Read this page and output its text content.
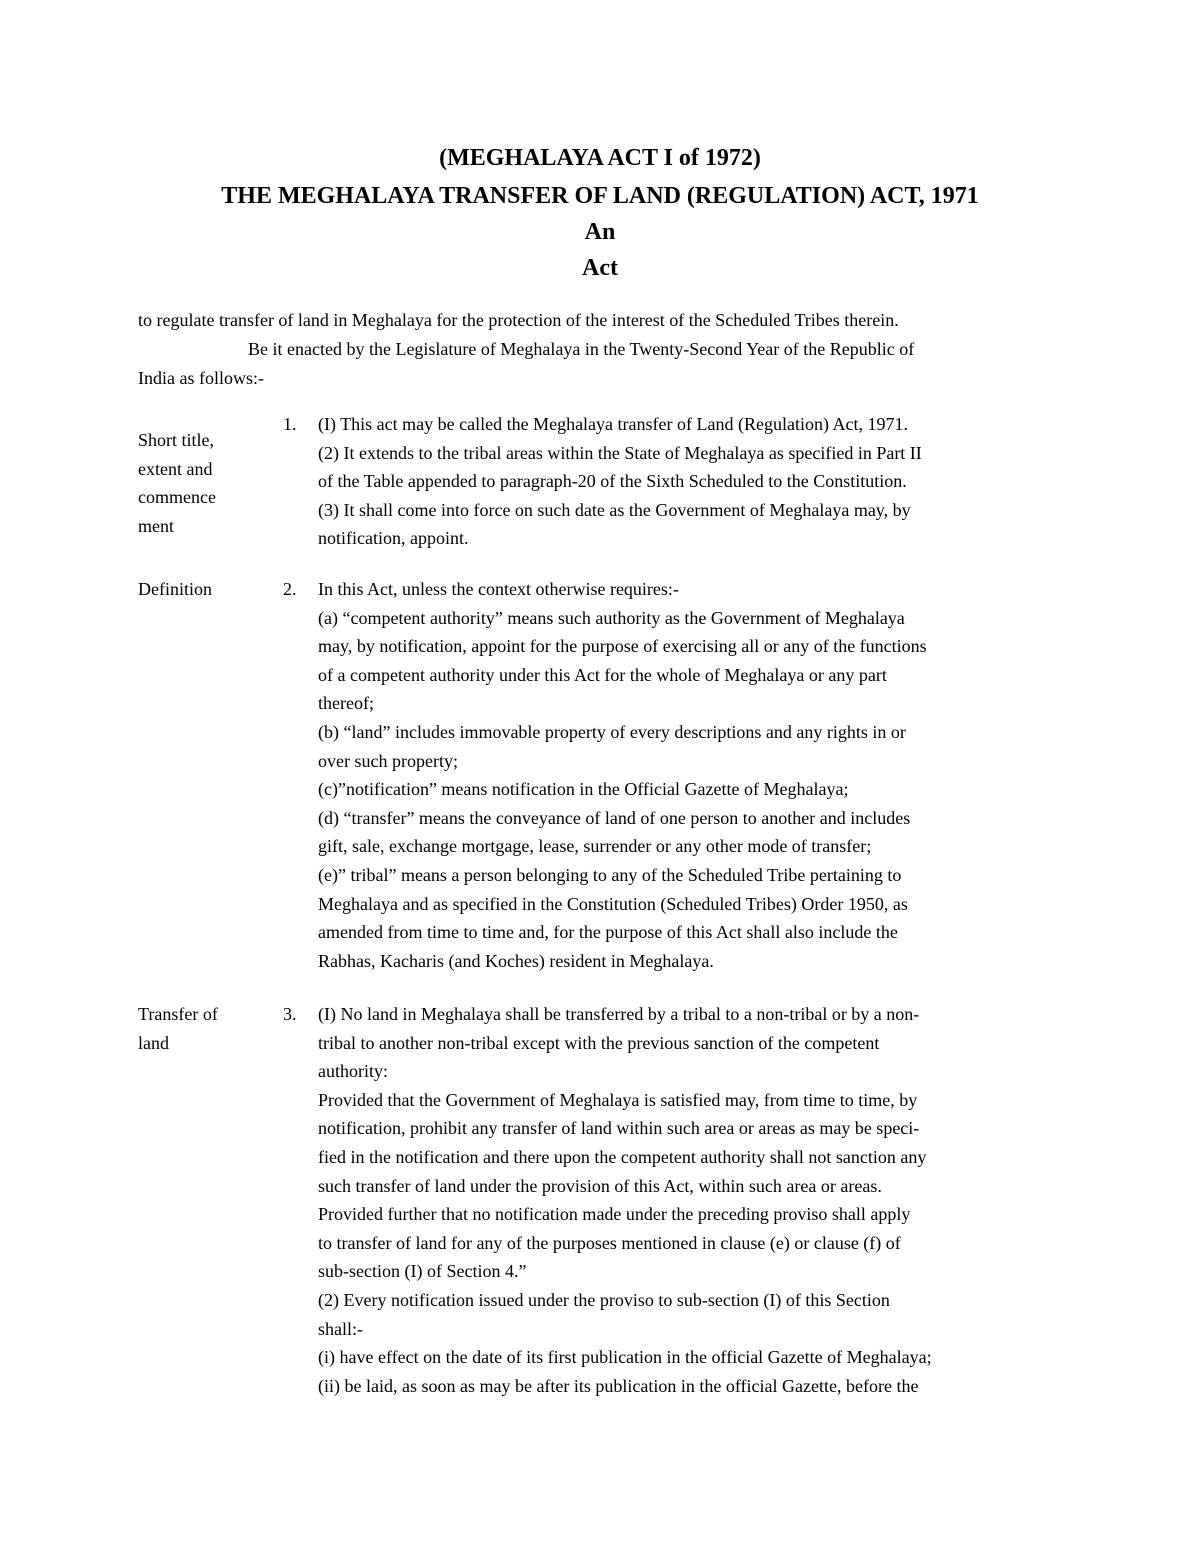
(MEGHALAYA ACT I of 1972)
THE MEGHALAYA TRANSFER OF LAND (REGULATION) ACT, 1971
An
Act

to regulate transfer of land in Meghalaya for the protection of the interest of the Scheduled Tribes therein.

Be it enacted by the Legislature of Meghalaya in the Twenty-Second Year of the Republic of

India as follows:-

Short title,
extent and
commence
ment
1. (I) This act may be called the Meghalaya transfer of Land (Regulation) Act, 1971.

(2) It extends to the tribal areas within the State of Meghalaya as specified in Part II

of the Table appended to paragraph-20 of the Sixth Scheduled to the Constitution.

(3) It shall come into force on such date as the Government of Meghalaya may, by

notification, appoint.

Definition	2. In this Act, unless the context otherwise requires:-

(a) “competent authority” means such authority as the Government of Meghalaya

may, by notification, appoint for the purpose of exercising all or any of the functions

of a competent authority under this Act for the whole of Meghalaya or any part

thereof;

(b) “land” includes immovable property of every descriptions and any rights in or

over such property;

(c)”notification” means notification in the Official Gazette of Meghalaya;

(d) “transfer” means the conveyance of land of one person to another and includes

gift, sale, exchange mortgage, lease, surrender or any other mode of transfer;

(e)” tribal” means a person belonging to any of the Scheduled Tribe pertaining to

Meghalaya and as specified in the Constitution (Scheduled Tribes) Order 1950, as

amended from time to time and, for the purpose of this Act shall also include the

Rabhas, Kacharis (and Koches) resident in Meghalaya.

Transfer of
land
3. (I) No land in Meghalaya shall be transferred by a tribal to a non-tribal or by a non-

tribal to another non-tribal except with the previous sanction of the competent

authority:

Provided that the Government of Meghalaya is satisfied may, from time to time, by

notification, prohibit any transfer of land within such area or areas as may be speci-

fied in the notification and there upon the competent authority shall not sanction any

such transfer of land under the provision of this Act, within such area or areas.

Provided further that no notification made under the preceding proviso shall apply

to transfer of land for any of the purposes mentioned in clause (e) or clause (f) of

sub-section (I) of Section 4.”

(2) Every notification issued under the proviso to sub-section (I) of this Section

shall:-

(i) have effect on the date of its first publication in the official Gazette of Meghalaya;

(ii) be laid, as soon as may be after its publication in the official Gazette, before the
